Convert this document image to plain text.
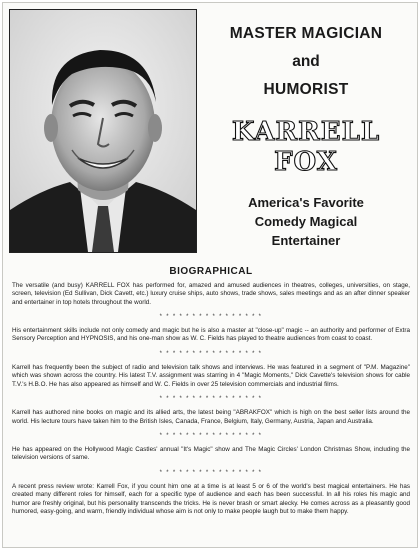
MASTER MAGICIAN
and
HUMORIST
KARRELL FOX
America's Favorite
Comedy Magical
Entertainer
BIOGRAPHICAL

The versatile (and busy) KARRELL FOX has performed for, amazed and amused audiences in theatres, colleges, universities, on stage, screen, television (Ed Sullivan, Dick Cavett, etc.) luxury cruise ships, auto shows, trade shows, sales meetings and as an after dinner speaker and entertainer in top hotels throughout the world.

* * * * * * * * * * * * * * * *

His entertainment skills include not only comedy and magic but he is also a master at "close-up" magic -- an authority and performer of Extra Sensory Perception and HYPNOSIS, and his one-man show as W. C. Fields has played to theatre audiences from coast to coast.

* * * * * * * * * * * * * * * *

Karrell has frequently been the subject of radio and television talk shows and interviews. He was featured in a segment of "P.M. Magazine" which was shown across the country. His latest T.V. assignment was starring in 4 "Magic Moments," Dick Cavette's television shows for cable T.V.'s H.B.O. He has also appeared as himself and W. C. Fields in over 25 television commercials and industrial films.

* * * * * * * * * * * * * * * *

Karrell has authored nine books on magic and its allied arts, the latest being "ABRAKFOX" which is high on the best seller lists around the world. His lecture tours have taken him to the British Isles, Canada, France, Belgium, Italy, Germany, Austria, Japan and Australia.

* * * * * * * * * * * * * * * *

He has appeared on the Hollywood Magic Castles' annual "It's Magic" show and The Magic Circles' London Christmas Show, including the television versions of same.

* * * * * * * * * * * * * * * *

A recent press review wrote: Karrell Fox, if you count him one at a time is at least 5 or 6 of the world's best magical entertainers. He has created many different roles for himself, each for a specific type of audience and each has been successful. In all his roles his magic and humor are freshly original, but his personality transcends the tricks. He is never brash or smart alecky. He comes across as a pleasantly good humored, easy-going, and warm, friendly individual whose aim is not only to make people laugh but to make them happy.
